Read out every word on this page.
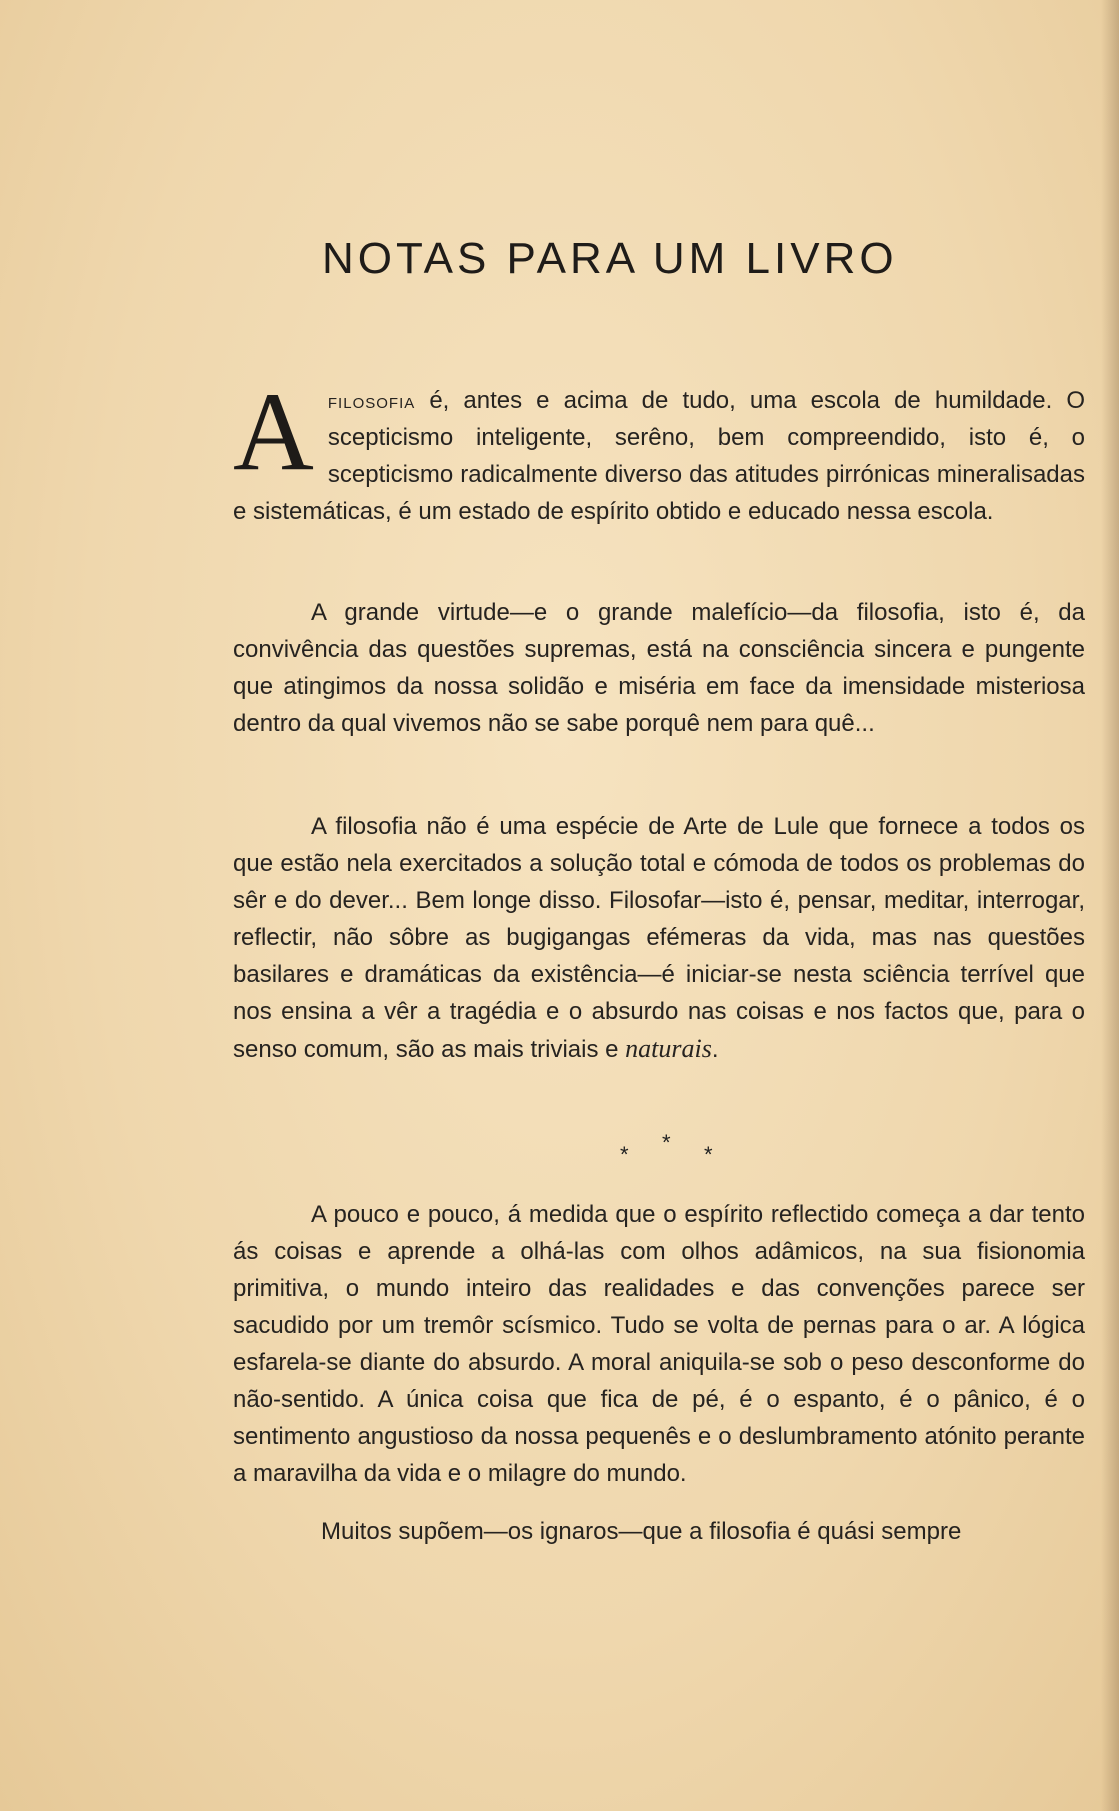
NOTAS PARA UM LIVRO
Afilosofia é, antes e acima de tudo, uma escola de humildade. O scepticismo inteligente, serêno, bem compreendido, isto é, o scepticismo radicalmente diverso das atitudes pirrónicas mineralisadas e sistemáticas, é um estado de espírito obtido e educado nessa escola.
A grande virtude—e o grande malefício—da filosofia, isto é, da convivência das questões supremas, está na consciência sincera e pungente que atingimos da nossa solidão e miséria em face da imensidade misteriosa dentro da qual vivemos não se sabe porquê nem para quê...
A filosofia não é uma espécie de Arte de Lule que fornece a todos os que estão nela exercitados a solução total e cómoda de todos os problemas do sêr e do dever... Bem longe disso. Filosofar—isto é, pensar, meditar, interrogar, reflectir, não sôbre as bugigangas efémeras da vida, mas nas questões basilares e dramáticas da existência—é iniciar-se nesta sciência terrível que nos ensina a vêr a tragédia e o absurdo nas coisas e nos factos que, para o senso comum, são as mais triviais e naturais.
* * *
A pouco e pouco, á medida que o espírito reflectido começa a dar tento ás coisas e aprende a olhá-las com olhos adâmicos, na sua fisionomia primitiva, o mundo inteiro das realidades e das convenções parece ser sacudido por um tremôr scísmico. Tudo se volta de pernas para o ar. A lógica esfarela-se diante do absurdo. A moral aniquila-se sob o peso desconforme do não-sentido. A única coisa que fica de pé, é o espanto, é o pânico, é o sentimento angustioso da nossa pequenês e o deslumbramento atónito perante a maravilha da vida e o milagre do mundo.
Muitos supõem—os ignaros—que a filosofia é quási sempre
